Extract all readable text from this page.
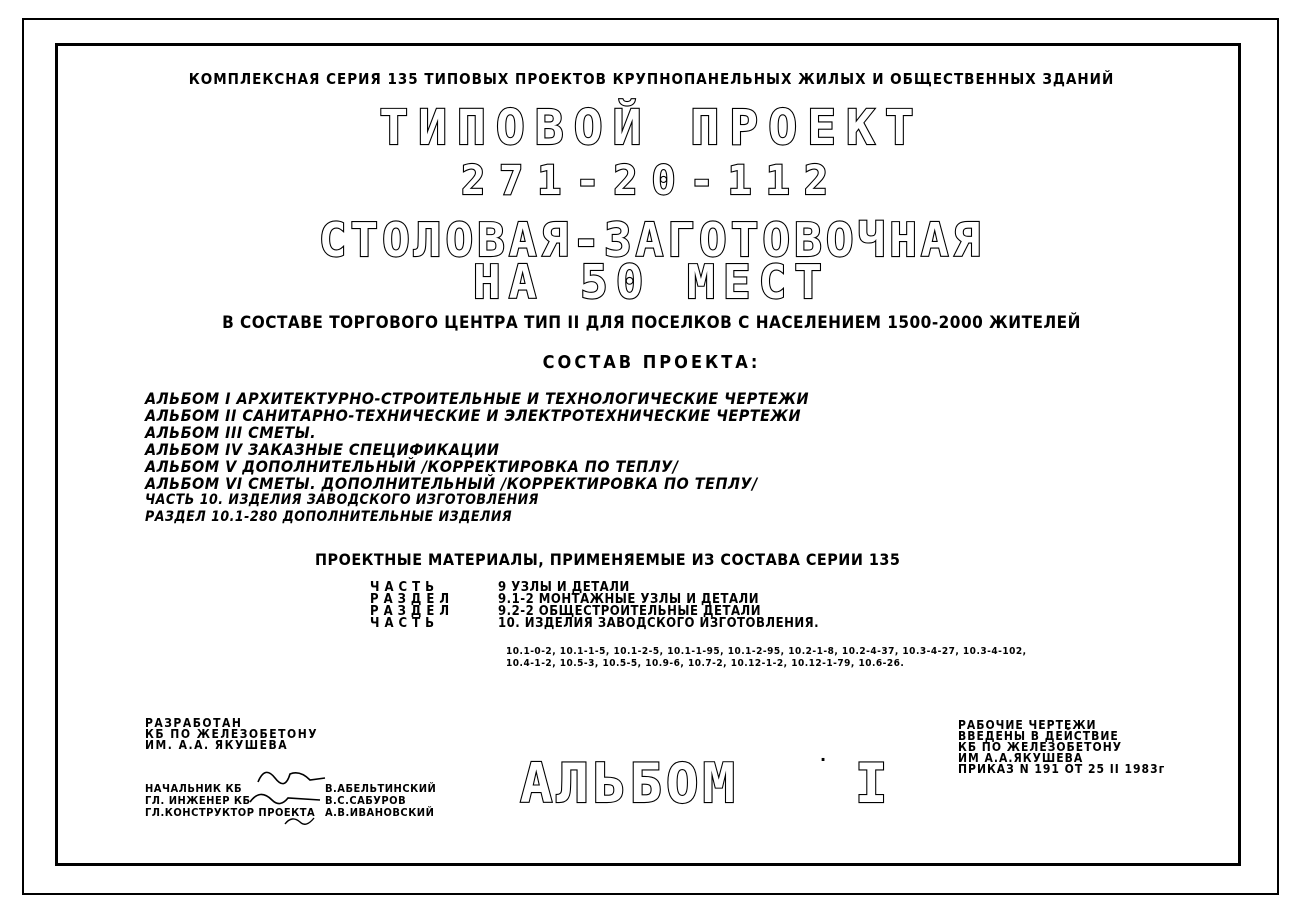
КОМПЛЕКСНАЯ СЕРИЯ 135 ТИПОВЫХ ПРОЕКТОВ КРУПНОПАНЕЛЬНЫХ ЖИЛЫХ И ОБЩЕСТВЕННЫХ ЗДАНИЙ
ТИПОВОЙ ПРОЕКТ
271-20-112
СТОЛОВАЯ-ЗАГОТОВОЧНАЯ
НА 50 МЕСТ
В СОСТАВЕ ТОРГОВОГО ЦЕНТРА ТИП II ДЛЯ ПОСЕЛКОВ С НАСЕЛЕНИЕМ 1500-2000 ЖИТЕЛЕЙ
СОСТАВ ПРОЕКТА:
АЛЬБОМ I АРХИТЕКТУРНО-СТРОИТЕЛЬНЫЕ И ТЕХНОЛОГИЧЕСКИЕ ЧЕРТЕЖИ
АЛЬБОМ II САНИТАРНО-ТЕХНИЧЕСКИЕ И ЭЛЕКТРОТЕХНИЧЕСКИЕ ЧЕРТЕЖИ
АЛЬБОМ III СМЕТЫ.
АЛЬБОМ IV ЗАКАЗНЫЕ СПЕЦИФИКАЦИИ
АЛЬБОМ V ДОПОЛНИТЕЛЬНЫЙ /КОРРЕКТИРОВКА ПО ТЕПЛУ/
АЛЬБОМ VI СМЕТЫ. ДОПОЛНИТЕЛЬНЫЙ /КОРРЕКТИРОВКА ПО ТЕПЛУ/
ЧАСТЬ 10. ИЗДЕЛИЯ ЗАВОДСКОГО ИЗГОТОВЛЕНИЯ
РАЗДЕЛ 10.1-280 ДОПОЛНИТЕЛЬНЫЕ ИЗДЕЛИЯ
ПРОЕКТНЫЕ МАТЕРИАЛЫ, ПРИМЕНЯЕМЫЕ ИЗ СОСТАВА СЕРИИ 135
ЧАСТЬ	9 УЗЛЫ И ДЕТАЛИ
РАЗДЕЛ	9.1-2 МОНТАЖНЫЕ УЗЛЫ И ДЕТАЛИ
РАЗДЕЛ	9.2-2 ОБЩЕСТРОИТЕЛЬНЫЕ ДЕТАЛИ
ЧАСТЬ	10. ИЗДЕЛИЯ ЗАВОДСКОГО ИЗГОТОВЛЕНИЯ.
10.1-0-2, 10.1-1-5, 10.1-2-5, 10.1-1-95, 10.1-2-95, 10.2-1-8, 10.2-4-37, 10.3-4-27, 10.3-4-102,
10.4-1-2, 10.5-3, 10.5-5, 10.9-6, 10.7-2, 10.12-1-2, 10.12-1-79, 10.6-26.
РАЗРАБОТАН
КБ ПО ЖЕЛЕЗОБЕТОНУ
ИМ. А.А. ЯКУШЕВА
НАЧАЛЬНИК КБ	В.АБЕЛЬТИНСКИЙ
ГЛ. ИНЖЕНЕР КБ	В.С.САБУРОВ
ГЛ.КОНСТРУКТОР ПРОЕКТА А.В.ИВАНОВСКИЙ АЛЬБОМ I
·
РАБОЧИЕ ЧЕРТЕЖИ
ВВЕДЕНЫ В ДЕЙСТВИЕ
КБ ПО ЖЕЛЕЗОБЕТОНУ
ИМ А.А.ЯКУШЕВА
ПРИКАЗ N 191 ОТ 25 II 1983г
